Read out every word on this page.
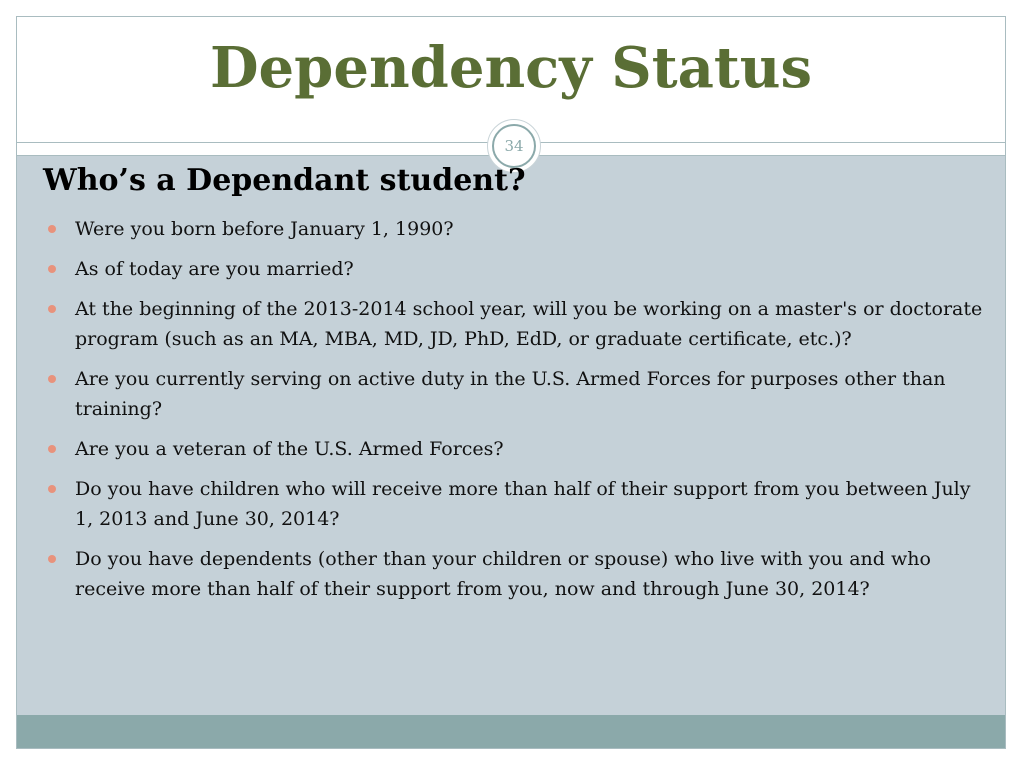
Dependency Status
34
Who’s a Dependant student?
Were you born before January 1, 1990?
As of today are you married?
At the beginning of the 2013-2014 school year, will you be working on a master's or doctorate program (such as an MA, MBA, MD, JD, PhD, EdD, or graduate certificate, etc.)?
Are you currently serving on active duty in the U.S. Armed Forces for purposes other than training?
Are you a veteran of the U.S. Armed Forces?
Do you have children who will receive more than half of their support from you between July 1, 2013 and June 30, 2014?
Do you have dependents (other than your children or spouse) who live with you and who receive more than half of their support from you, now and through June 30, 2014?
